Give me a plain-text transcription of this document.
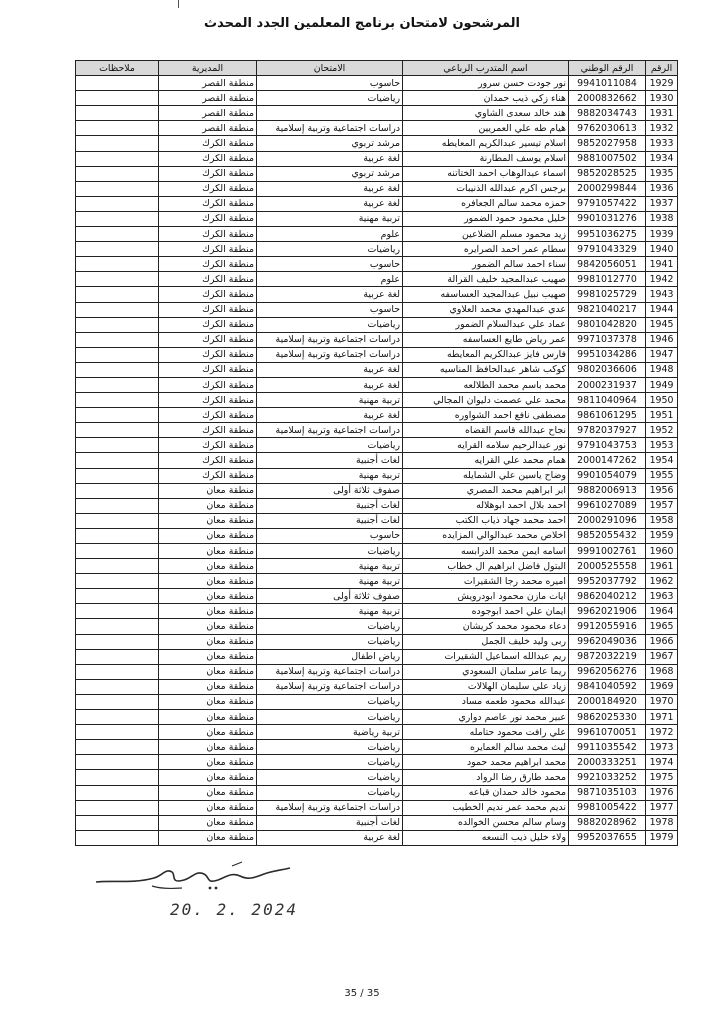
المرشحون لامتحان برنامج المعلمين الجدد المحدث
الرقم	الرقم الوطني	اسم المتدرب الرباعي	الامتحان	المديرية	ملاحظات
1929	9941011084	نور جودت حسن سرور	حاسوب	منطقة القصر	
1930	2000832662	هناء زكي ذيب حمدان	رياضيات	منطقة القصر	
1931	9882034743	هند خالد سعدى الشاوي		منطقة القصر	
1932	9762030613	هيام طه علي العمريين	دراسات اجتماعية وتربية إسلامية	منطقة القصر	
1933	9852027958	اسلام تيسير عبدالكريم المعايطه	مرشد تربوي	منطقة الكرك	
1934	9881007502	اسلام يوسف المطارنة	لغة عربية	منطقة الكرك	
1935	9852028525	اسماء عبدالوهاب احمد الختاتنه	مرشد تربوي	منطقة الكرك	
1936	2000299844	برجس اكرم عبدالله الذنيبات	لغة عربية	منطقة الكرك	
1937	9791057422	حمزه محمد سالم الجعافره	لغة عربية	منطقة الكرك	
1938	9901031276	خليل محمود حمود الضمور	تربية مهنية	منطقة الكرك	
1939	9951036275	زيد محمود مسلم الضلاعين	علوم	منطقة الكرك	
1940	9791043329	سطام عمر احمد الصرايره	رياضيات	منطقة الكرك	
1941	9842056051	سناء احمد سالم الضمور	حاسوب	منطقة الكرك	
1942	9981012770	صهيب عبدالمجيد خليف القرالة	علوم	منطقة الكرك	
1943	9981025729	صهيب نبيل عبدالمجيد العساسفه	لغة عربية	منطقة الكرك	
1944	9821040217	عدي عبدالمهدي محمد العلاوي	حاسوب	منطقة الكرك	
1945	9801042820	عماد علي عبدالسلام الضمور	رياضيات	منطقة الكرك	
1946	9971037378	عمر رياض طايع العساسفه	دراسات اجتماعية وتربية إسلامية	منطقة الكرك	
1947	9951034286	فارس فايز عبدالكريم المعايطه	دراسات اجتماعية وتربية إسلامية	منطقة الكرك	
1948	9802036606	كوكب شاهر عبدالحافظ المناسيه	لغة عربية	منطقة الكرك	
1949	2000231937	محمد باسم محمد الطلالعه	لغة عربية	منطقة الكرك	
1950	9811040964	محمد علي عصمت دليوان المجالي	تربية مهنية	منطقة الكرك	
1951	9861061295	مصطفى نافع احمد الشواوره	لغة عربية	منطقة الكرك	
1952	9782037927	نجاح عبدالله قاسم القضاه	دراسات اجتماعية وتربية إسلامية	منطقة الكرك	
1953	9791043753	نور عبدالرحيم سلامه القرايه	رياضيات	منطقة الكرك	
1954	2000147262	همام محمد علي القرايه	لغات أجنبية	منطقة الكرك	
1955	9901054079	وضاح ياسين علي الشمايله	تربية مهنية	منطقة الكرك	
1956	9882006913	ابر ابراهيم محمد المصري	صفوف ثلاثة أولى	منطقة معان	
1957	9961027089	احمد بلال احمد ابوهلاله	لغات أجنبية	منطقة معان	
1958	2000291096	احمد محمد جهاد ذياب الكتب	لغات أجنبية	منطقة معان	
1959	9852055432	اخلاص محمد عبدالوالي المزايده	حاسوب	منطقة معان	
1960	9991002761	اسامه ايمن محمد الدرابسه	رياضيات	منطقة معان	
1961	2000525558	البتول فاضل ابراهيم ال خطاب	تربية مهنية	منطقة معان	
1962	9952037792	اميره محمد رجا الشقيرات	تربية مهنية	منطقة معان	
1963	9862040212	ايات مازن محمود ابودرويش	صفوف ثلاثة أولى	منطقة معان	
1964	9962021906	ايمان علي احمد ابوجوده	تربية مهنية	منطقة معان	
1965	9912055916	دعاء محمود محمد كريشان	رياضيات	منطقة معان	
1966	9962049036	ربى وليد خليف الجمل	رياضيات	منطقة معان	
1967	9872032219	ريم عبدالله اسماعيل الشقيرات	رياض اطفال	منطقة معان	
1968	9962056276	ريما عامر سلمان السعودي	دراسات اجتماعية وتربية إسلامية	منطقة معان	
1969	9841040592	زياد علي سليمان الهلالات	دراسات اجتماعية وتربية إسلامية	منطقة معان	
1970	2000184920	عبدالله محمود طعمه مساد	رياضيات	منطقة معان	
1971	9862025330	عبير محمد نور عاصم دواري	رياضيات	منطقة معان	
1972	9961070051	علي رافت محمود حتامله	تربية رياضية	منطقة معان	
1973	9911035542	ليث محمد سالم العمايره	رياضيات	منطقة معان	
1974	2000333251	محمد ابراهيم محمد حمود	رياضيات	منطقة معان	
1975	9921033252	محمد طارق رضا الرواد	رياضيات	منطقة معان	
1976	9871035103	محمود خالد حمدان قباعه	رياضيات	منطقة معان	
1977	9981005422	نديم محمد عمر نديم الخطيب	دراسات اجتماعية وتربية إسلامية	منطقة معان	
1978	9882028962	وسام سالم محسن الخوالده	لغات أجنبية	منطقة معان	
1979	9952037655	ولاء خليل ذيب النسعه	لغة عربية	منطقة معان	
20. 2. 2024
35 / 35
